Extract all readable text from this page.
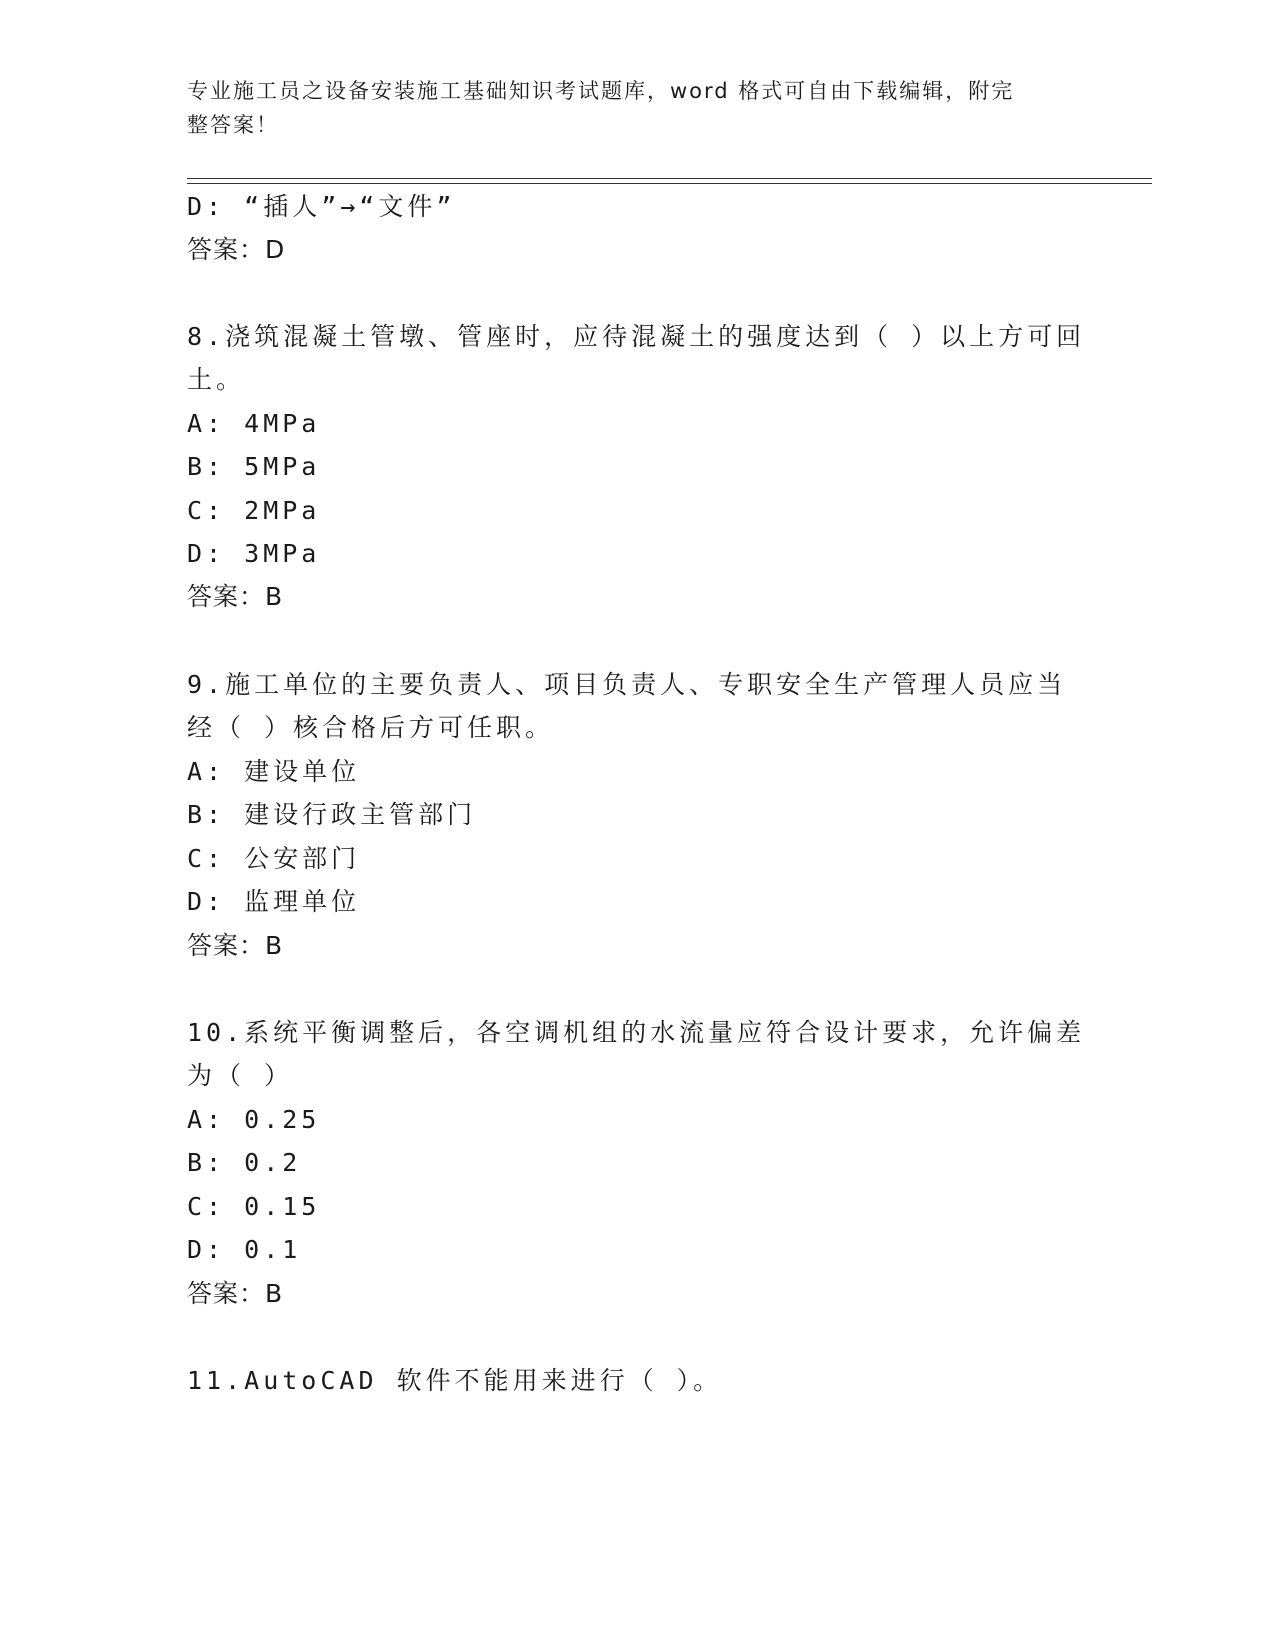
专业施工员之设备安装施工基础知识考试题库，word 格式可自由下载编辑，附完
整答案！
D: “插人”→“文件”
答案：D
8.浇筑混凝土管墩、管座时，应待混凝土的强度达到（ ）以上方可回
土。
A: 4MPa
B: 5MPa
C: 2MPa
D: 3MPa
答案：B
9.施工单位的主要负责人、项目负责人、专职安全生产管理人员应当
经（ ）核合格后方可任职。
A: 建设单位
B: 建设行政主管部门
C: 公安部门
D: 监理单位
答案：B
10.系统平衡调整后，各空调机组的水流量应符合设计要求，允许偏差
为（ ）
A: 0.25
B: 0.2
C: 0.15
D: 0.1
答案：B
11.AutoCAD 软件不能用来进行（ ）。
